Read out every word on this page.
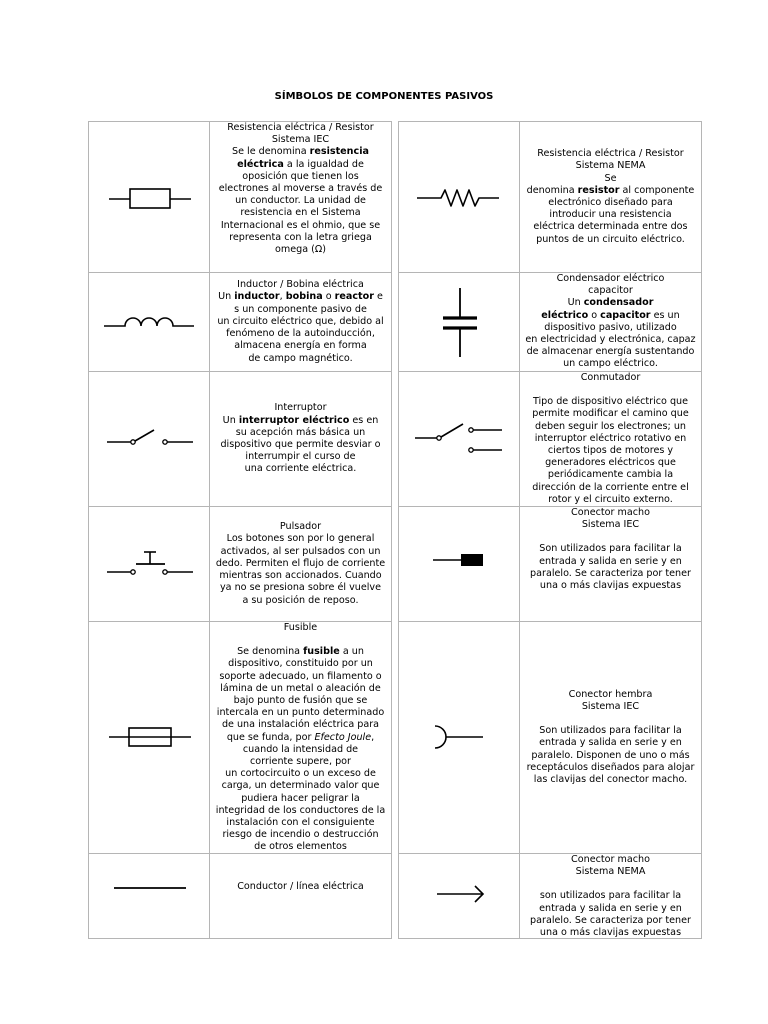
SÍMBOLOS DE COMPONENTES PASIVOS
Resistencia eléctrica / Resistor
Sistema IEC
Se le denomina resistencia
eléctrica a la igualdad de
oposición que tienen los
electrones al moverse a través de
un conductor. La unidad de
resistencia en el Sistema
Internacional es el ohmio, que se
representa con la letra griega
omega (Ω)
Inductor / Bobina eléctrica
Un inductor, bobina o reactor e
s un componente pasivo de
un circuito eléctrico que, debido al
fenómeno de la autoinducción,
almacena energía en forma
de campo magnético.
Interruptor
Un interruptor eléctrico es en
su acepción más básica un
dispositivo que permite desviar o
interrumpir el curso de
una corriente eléctrica.
Pulsador
Los botones son por lo general
activados, al ser pulsados con un
dedo. Permiten el flujo de corriente
mientras son accionados. Cuando
ya no se presiona sobre él vuelve
a su posición de reposo.
Fusible
Se denomina fusible a un
dispositivo, constituido por un
soporte adecuado, un filamento o
lámina de un metal o aleación de
bajo punto de fusión que se
intercala en un punto determinado
de una instalación eléctrica para
que se funda, por Efecto Joule,
cuando la intensidad de
corriente supere, por
un cortocircuito o un exceso de
carga, un determinado valor que
pudiera hacer peligrar la
integridad de los conductores de la
instalación con el consiguiente
riesgo de incendio o destrucción
de otros elementos
Conductor / línea eléctrica
Resistencia eléctrica / Resistor
Sistema NEMA
Se
denomina resistor al componente
electrónico diseñado para
introducir una resistencia
eléctrica determinada entre dos
puntos de un circuito eléctrico.
Condensador eléctrico
capacitor
Un condensador
eléctrico o capacitor es un
dispositivo pasivo, utilizado
en electricidad y electrónica, capaz
de almacenar energía sustentando
un campo eléctrico.
Conmutador
Tipo de dispositivo eléctrico que
permite modificar el camino que
deben seguir los electrones; un
interruptor eléctrico rotativo en
ciertos tipos de motores y
generadores eléctricos que
periódicamente cambia la
dirección de la corriente entre el
rotor y el circuito externo.
Conector macho
Sistema IEC
Son utilizados para facilitar la
entrada y salida en serie y en
paralelo. Se caracteriza por tener
una o más clavijas expuestas
Conector hembra
Sistema IEC
Son utilizados para facilitar la
entrada y salida en serie y en
paralelo. Disponen de uno o más
receptáculos diseñados para alojar
las clavijas del conector macho.
Conector macho
Sistema NEMA
son utilizados para facilitar la
entrada y salida en serie y en
paralelo. Se caracteriza por tener
una o más clavijas expuestas
